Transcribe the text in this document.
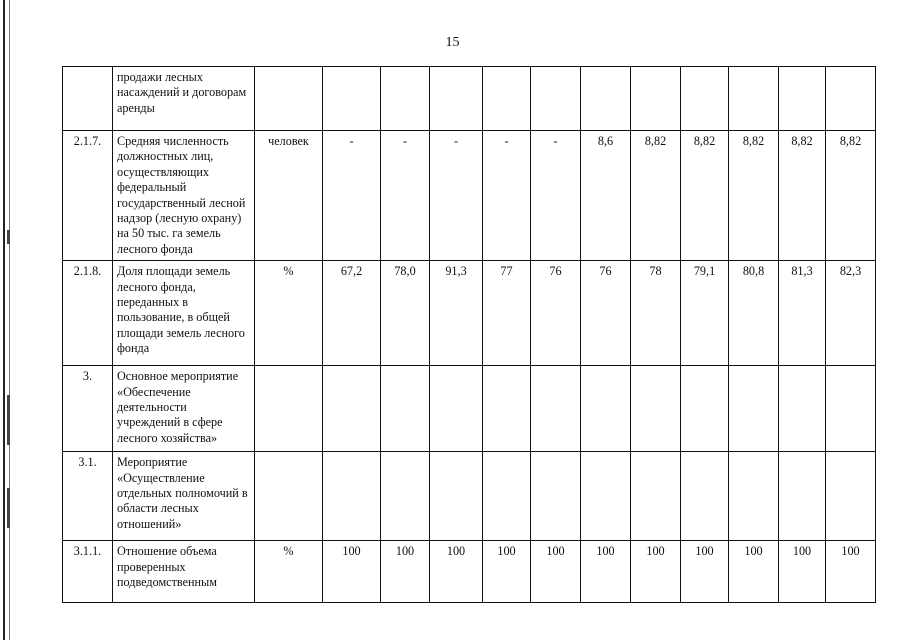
15
	продажи лесных насаждений и договорам аренды												
2.1.7.	Средняя численность должностных лиц, осуществляющих федеральный государственный лесной надзор (лесную охрану) на 50 тыс. га земель лесного фонда	человек	-	-	-	-	-	8,6	8,82	8,82	8,82	8,82	8,82
2.1.8.	Доля площади земель лесного фонда, переданных в пользование, в общей площади земель лесного фонда	%	67,2	78,0	91,3	77	76	76	78	79,1	80,8	81,3	82,3
3.	Основное мероприятие «Обеспечение деятельности учреждений в сфере лесного хозяйства»												
3.1.	Мероприятие «Осуществление отдельных полномочий в области лесных отношений»												
3.1.1.	Отношение объема проверенных подведомственным	%	100	100	100	100	100	100	100	100	100	100	100
